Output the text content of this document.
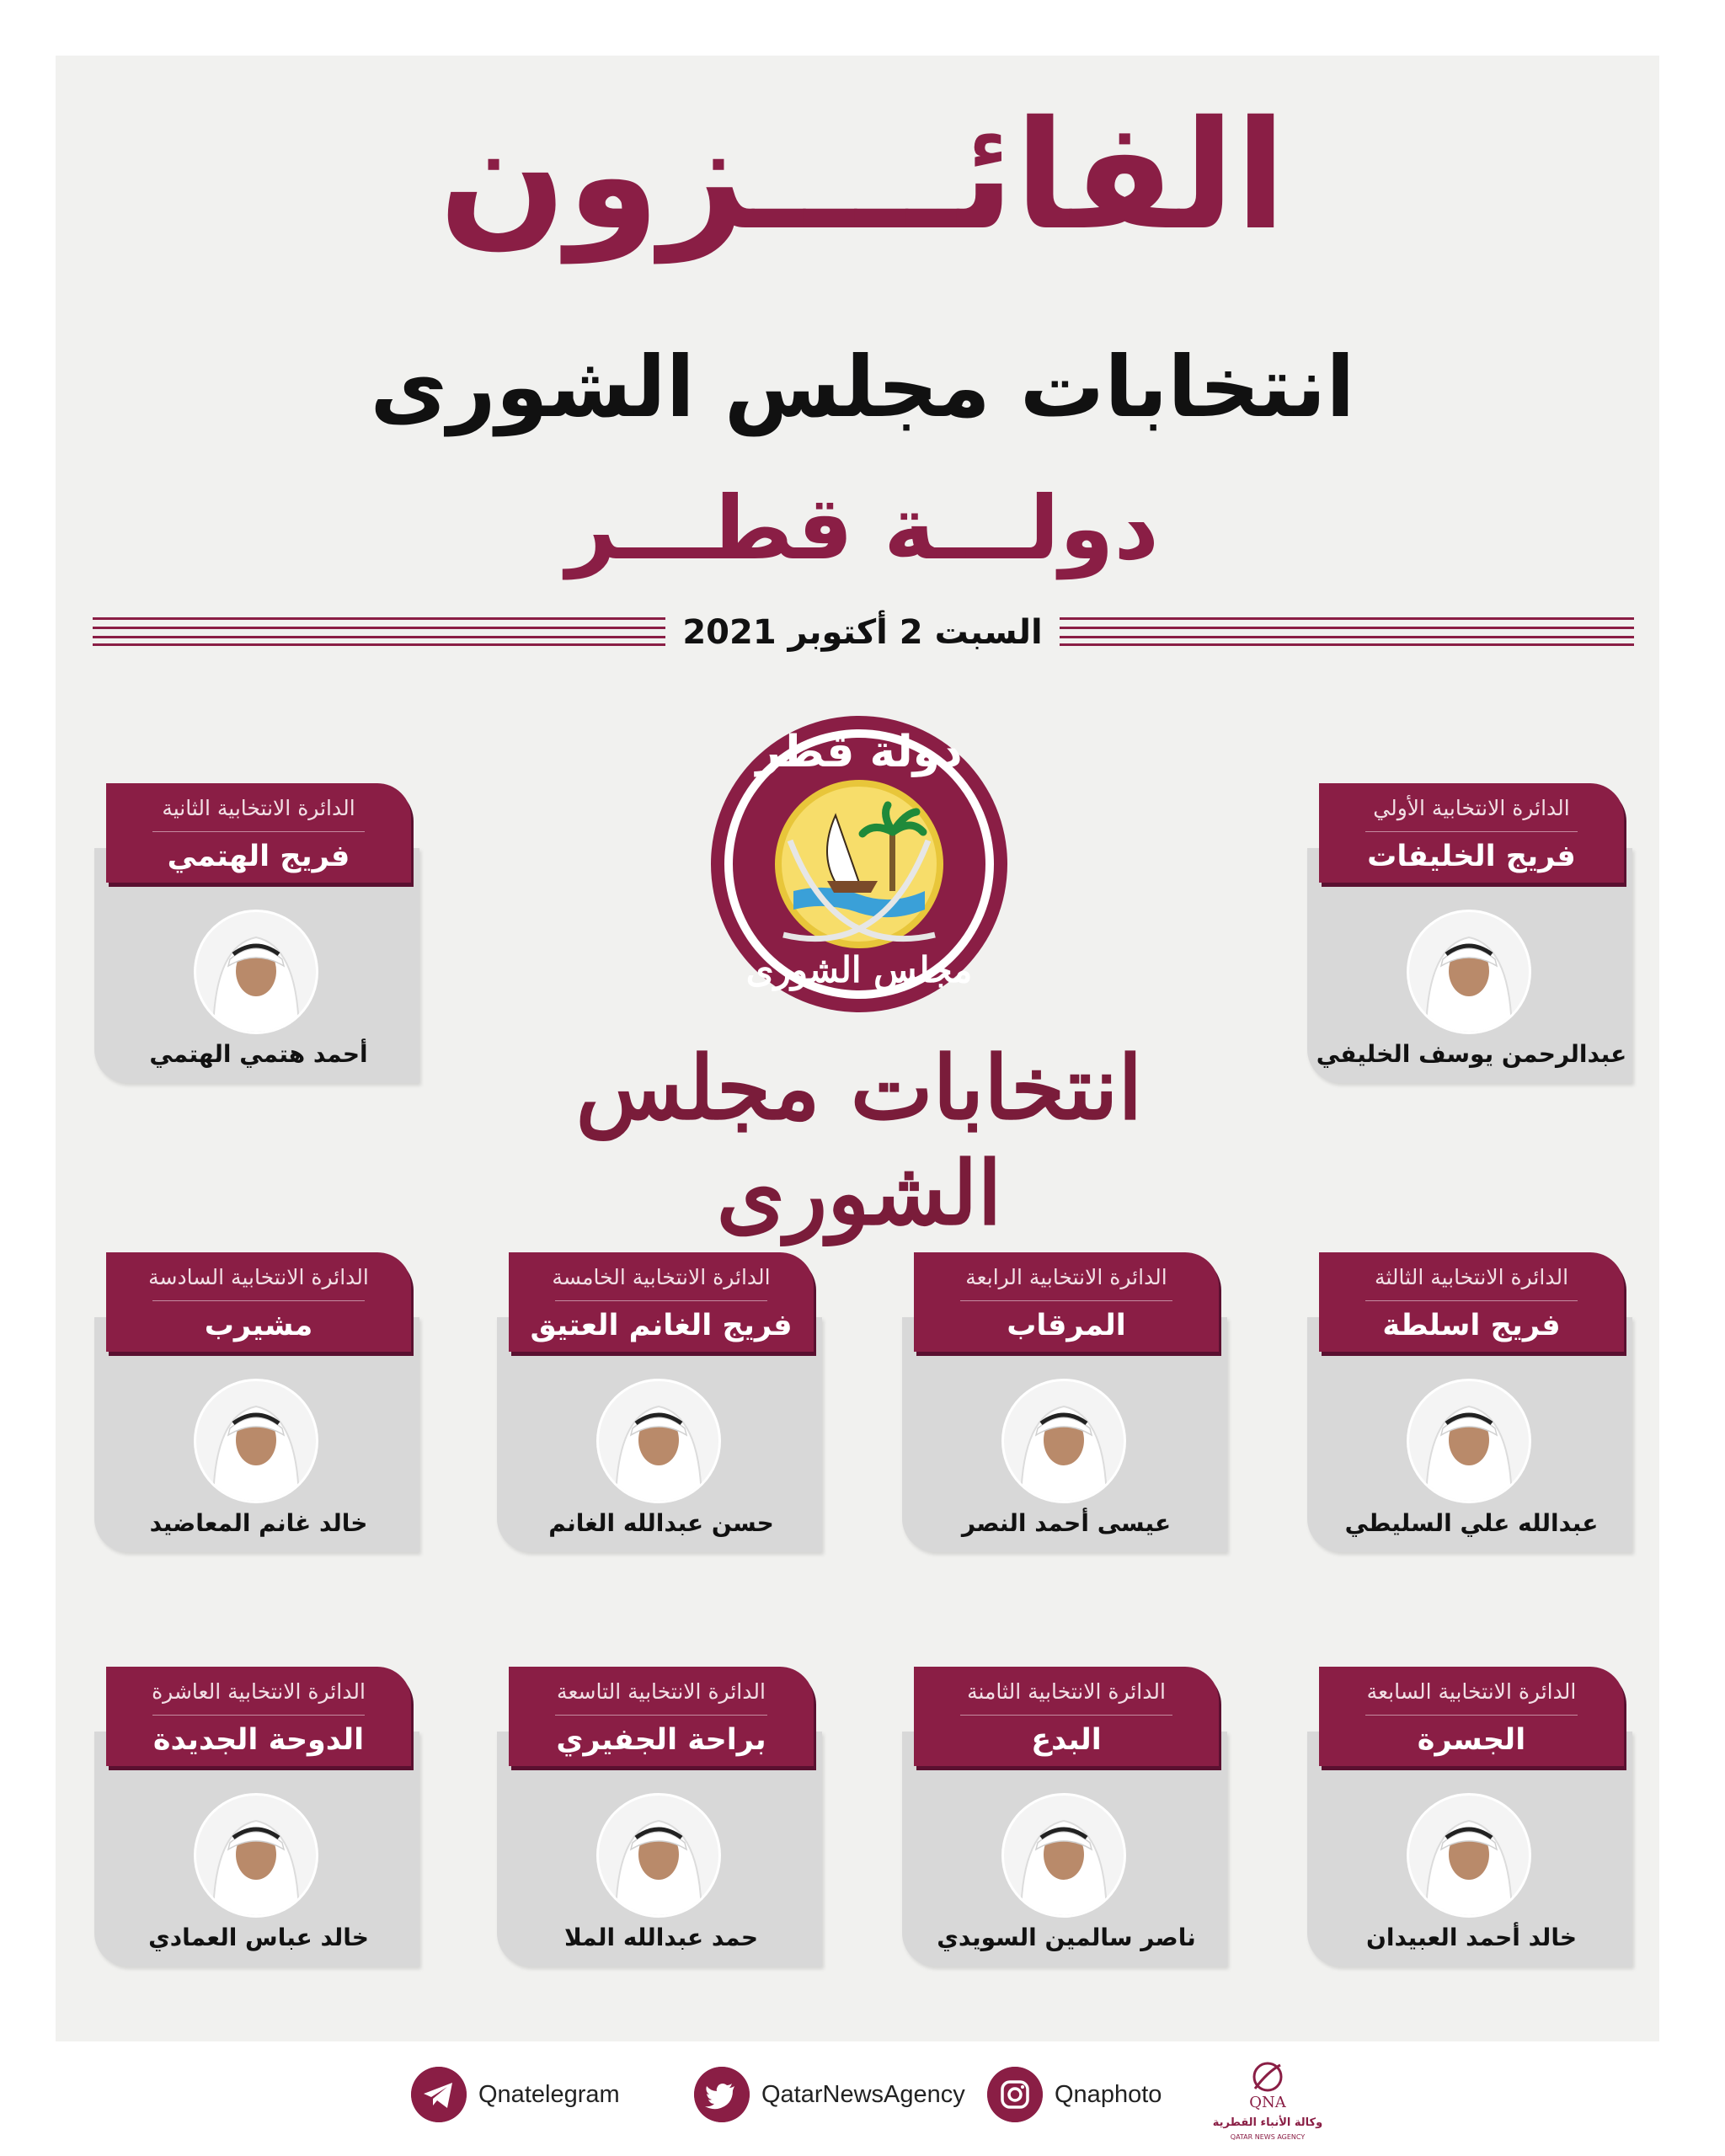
الفائــــزون
انتخابات مجلس الشورى
دولـــة قطـــر
السبت 2 أكتوبر 2021
دولة قطر
مجلس الشورى
انتخابات مجلس الشورى
الدائرة الانتخابية الأولي
فريج الخليفات
عبدالرحمن يوسف الخليفي
الدائرة الانتخابية الثانية
فريج الهتمي
أحمد هتمي الهتمي
الدائرة الانتخابية الثالثة
فريج اسلطة
عبدالله علي السليطي
الدائرة الانتخابية الرابعة
المرقاب
عيسى أحمد النصر
الدائرة الانتخابية الخامسة
فريج الغانم العتيق
حسن عبدالله الغانم
الدائرة الانتخابية السادسة
مشيرب
خالد غانم المعاضيد
الدائرة الانتخابية السابعة
الجسرة
خالد أحمد العبيدان
الدائرة الانتخابية الثامنة
البدع
ناصر سالمين السويدي
الدائرة الانتخابية التاسعة
براحة الجفيري
حمد عبدالله الملا
الدائرة الانتخابية العاشرة
الدوحة الجديدة
خالد عباس العمادي
Qnatelegram	QatarNewsAgency	Qnaphoto	QNA
وكالة الأنباء القطرية
QATAR NEWS AGENCY
